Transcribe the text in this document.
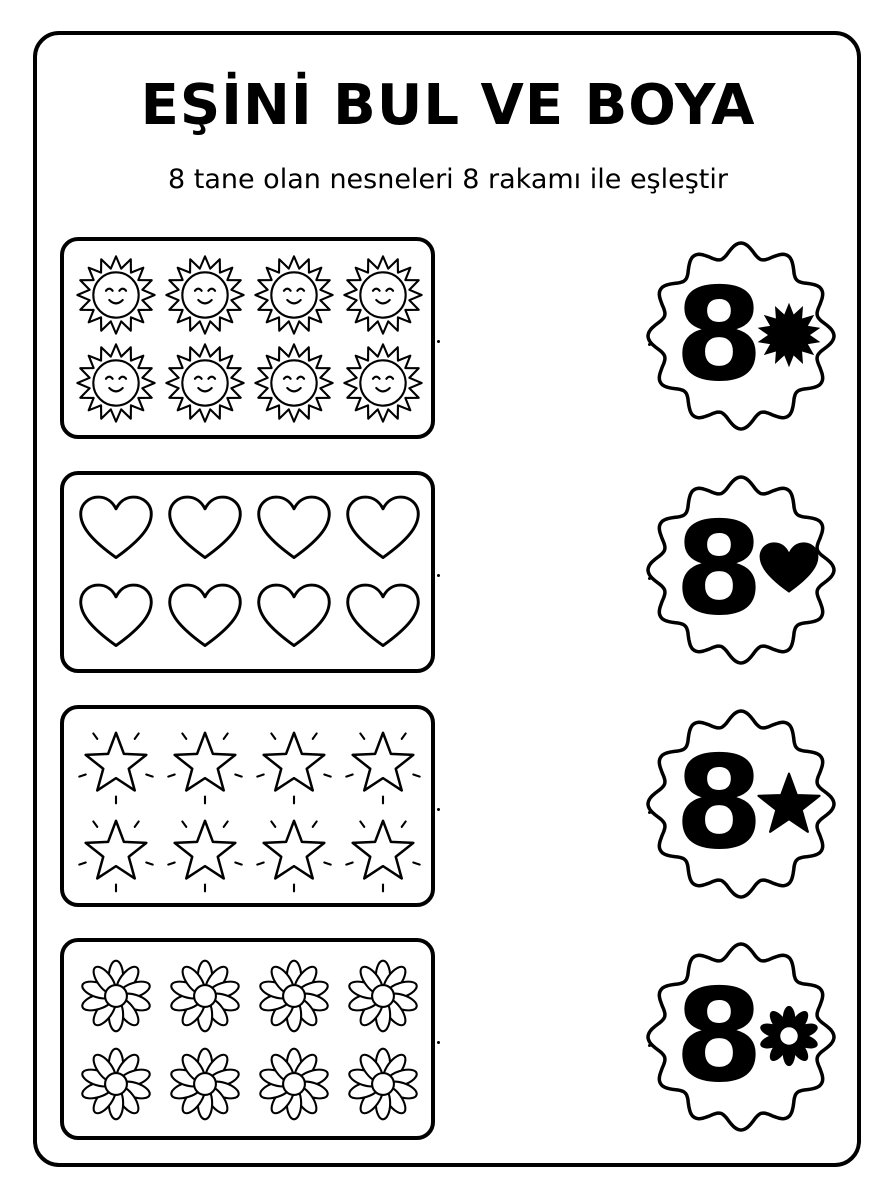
EŞİNİ BUL VE BOYA

8 tane olan nesneleri 8 rakamı ile eşleştir

8
8
8
8
